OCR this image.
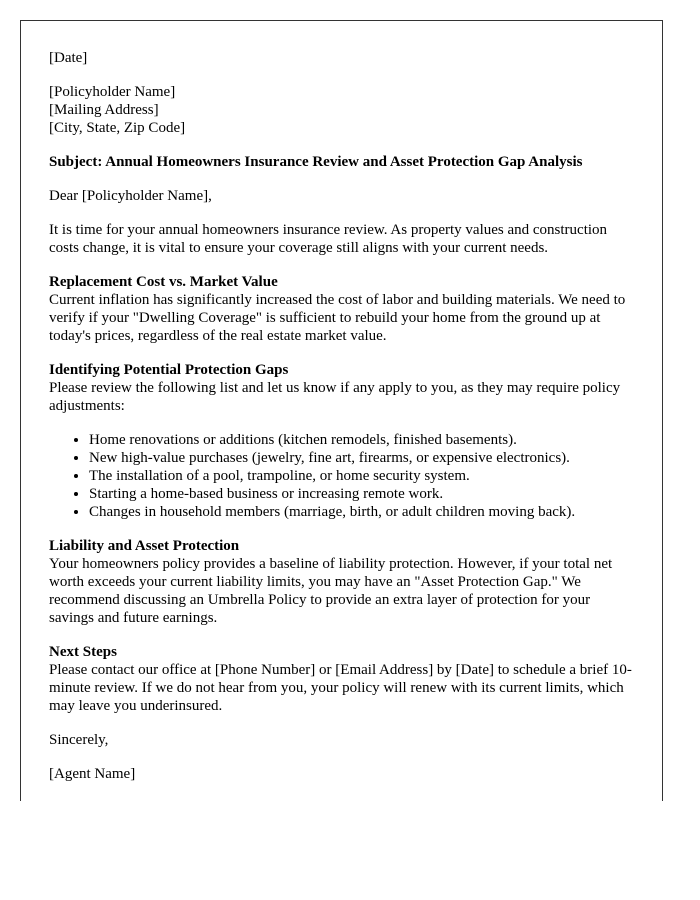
[Date]

[Policyholder Name]
[Mailing Address]
[City, State, Zip Code]

Subject: Annual Homeowners Insurance Review and Asset Protection Gap Analysis

Dear [Policyholder Name],

It is time for your annual homeowners insurance review. As property values and construction costs change, it is vital to ensure your coverage still aligns with your current needs.

Replacement Cost vs. Market Value

Current inflation has significantly increased the cost of labor and building materials. We need to verify if your "Dwelling Coverage" is sufficient to rebuild your home from the ground up at today's prices, regardless of the real estate market value.

Identifying Potential Protection Gaps

Please review the following list and let us know if any apply to you, as they may require policy adjustments:

• Home renovations or additions (kitchen remodels, finished basements).
• New high-value purchases (jewelry, fine art, firearms, or expensive electronics).
• The installation of a pool, trampoline, or home security system.
• Starting a home-based business or increasing remote work.
• Changes in household members (marriage, birth, or adult children moving back).
Liability and Asset Protection

Your homeowners policy provides a baseline of liability protection. However, if your total net worth exceeds your current liability limits, you may have an "Asset Protection Gap." We recommend discussing an Umbrella Policy to provide an extra layer of protection for your savings and future earnings.

Next Steps

Please contact our office at [Phone Number] or [Email Address] by [Date] to schedule a brief 10-minute review. If we do not hear from you, your policy will renew with its current limits, which may leave you underinsured.

Sincerely,

[Agent Name]
